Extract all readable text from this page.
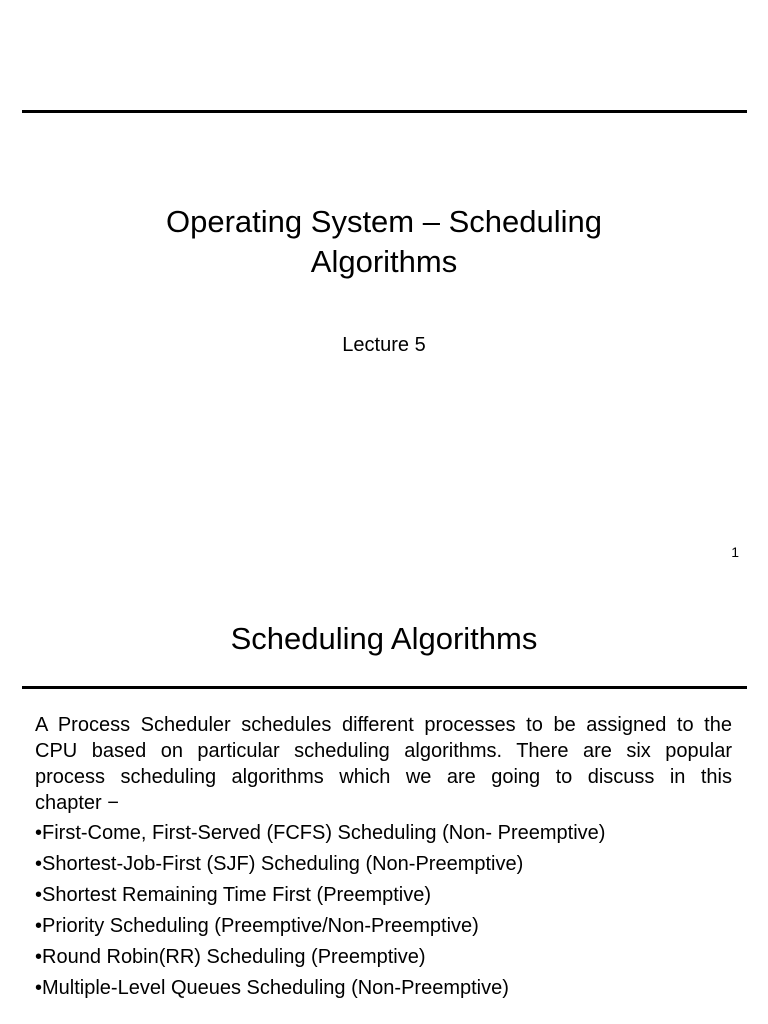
Operating System – Scheduling
Algorithms
Lecture 5
1
Scheduling Algorithms
A Process Scheduler schedules different processes to be assigned to the
CPU based on particular scheduling algorithms. There are six popular
process scheduling algorithms which we are going to discuss in this
chapter −
•First-Come, First-Served (FCFS) Scheduling (Non- Preemptive)
•Shortest-Job-First (SJF) Scheduling (Non-Preemptive)
•Shortest Remaining Time First (Preemptive)
•Priority Scheduling (Preemptive/Non-Preemptive)
•Round Robin(RR) Scheduling (Preemptive)
•Multiple-Level Queues Scheduling (Non-Preemptive)
